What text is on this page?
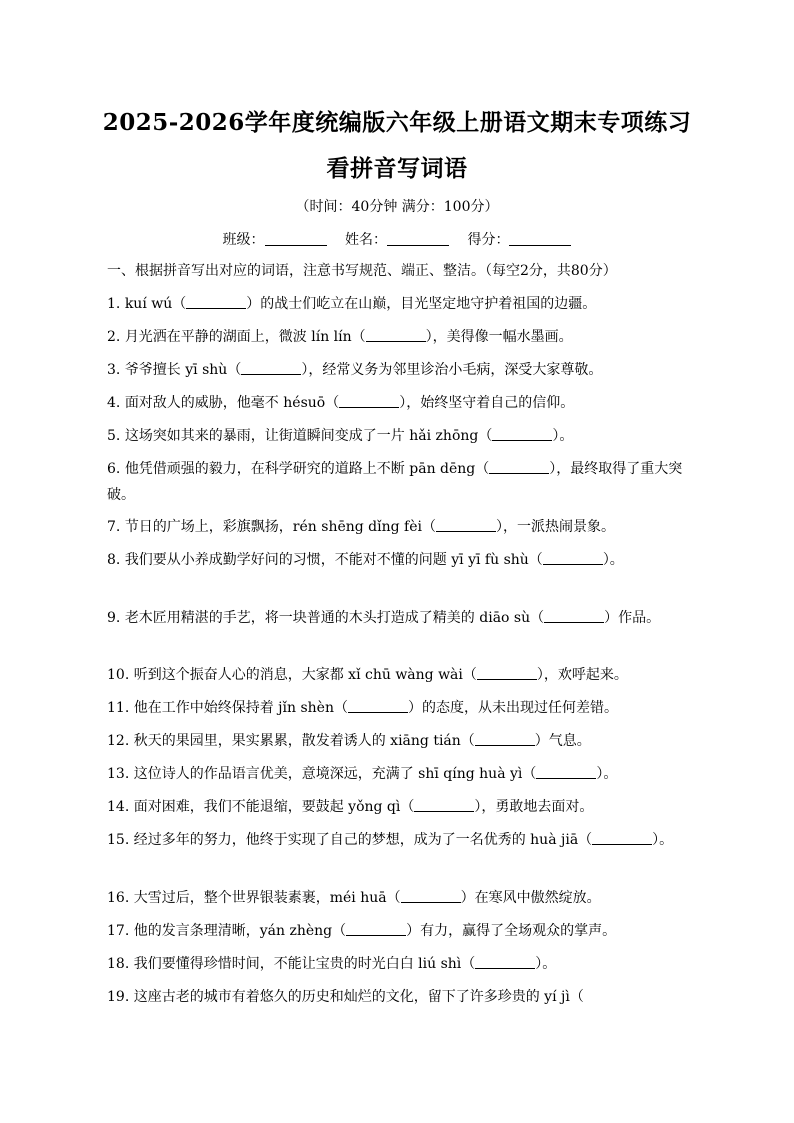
2025-2026学年度统编版六年级上册语文期末专项练习
看拼音写词语
（时间：40分钟 满分：100分）
班级：	姓名：	得分：
一、根据拼音写出对应的词语，注意书写规范、端正、整洁。（每空2分，共80分）
1. kuí wú（	）的战士们屹立在山巅，目光坚定地守护着祖国的边疆。
2. 月光洒在平静的湖面上，微波 lín lín（	），美得像一幅水墨画。
3. 爷爷擅长 yī shù（	），经常义务为邻里诊治小毛病，深受大家尊敬。
4. 面对敌人的威胁，他毫不 hésuō（	），始终坚守着自己的信仰。
5. 这场突如其来的暴雨，让街道瞬间变成了一片 hǎi zhōng（	）。
6. 他凭借顽强的毅力，在科学研究的道路上不断 pān dēng（	），最终取得了重大突破。
7. 节日的广场上，彩旗飘扬，rén shēng dǐng fèi（	），一派热闹景象。
8. 我们要从小养成勤学好问的习惯，不能对不懂的问题 yī yī fù shù（	）。
9. 老木匠用精湛的手艺，将一块普通的木头打造成了精美的 diāo sù（	）作品。
10. 听到这个振奋人心的消息，大家都 xǐ chū wàng wài（	），欢呼起来。
11. 他在工作中始终保持着 jǐn shèn（	）的态度，从未出现过任何差错。
12. 秋天的果园里，果实累累，散发着诱人的 xiāng tián（	）气息。
13. 这位诗人的作品语言优美，意境深远，充满了 shī qíng huà yì（	）。
14. 面对困难，我们不能退缩，要鼓起 yǒng qì（	），勇敢地去面对。
15. 经过多年的努力，他终于实现了自己的梦想，成为了一名优秀的 huà jiā（	）。
16. 大雪过后，整个世界银装素裹，méi huā（	）在寒风中傲然绽放。
17. 他的发言条理清晰，yán zhèng（	）有力，赢得了全场观众的掌声。
18. 我们要懂得珍惜时间，不能让宝贵的时光白白 liú shì（	）。
19. 这座古老的城市有着悠久的历史和灿烂的文化，留下了许多珍贵的 yí jì（
